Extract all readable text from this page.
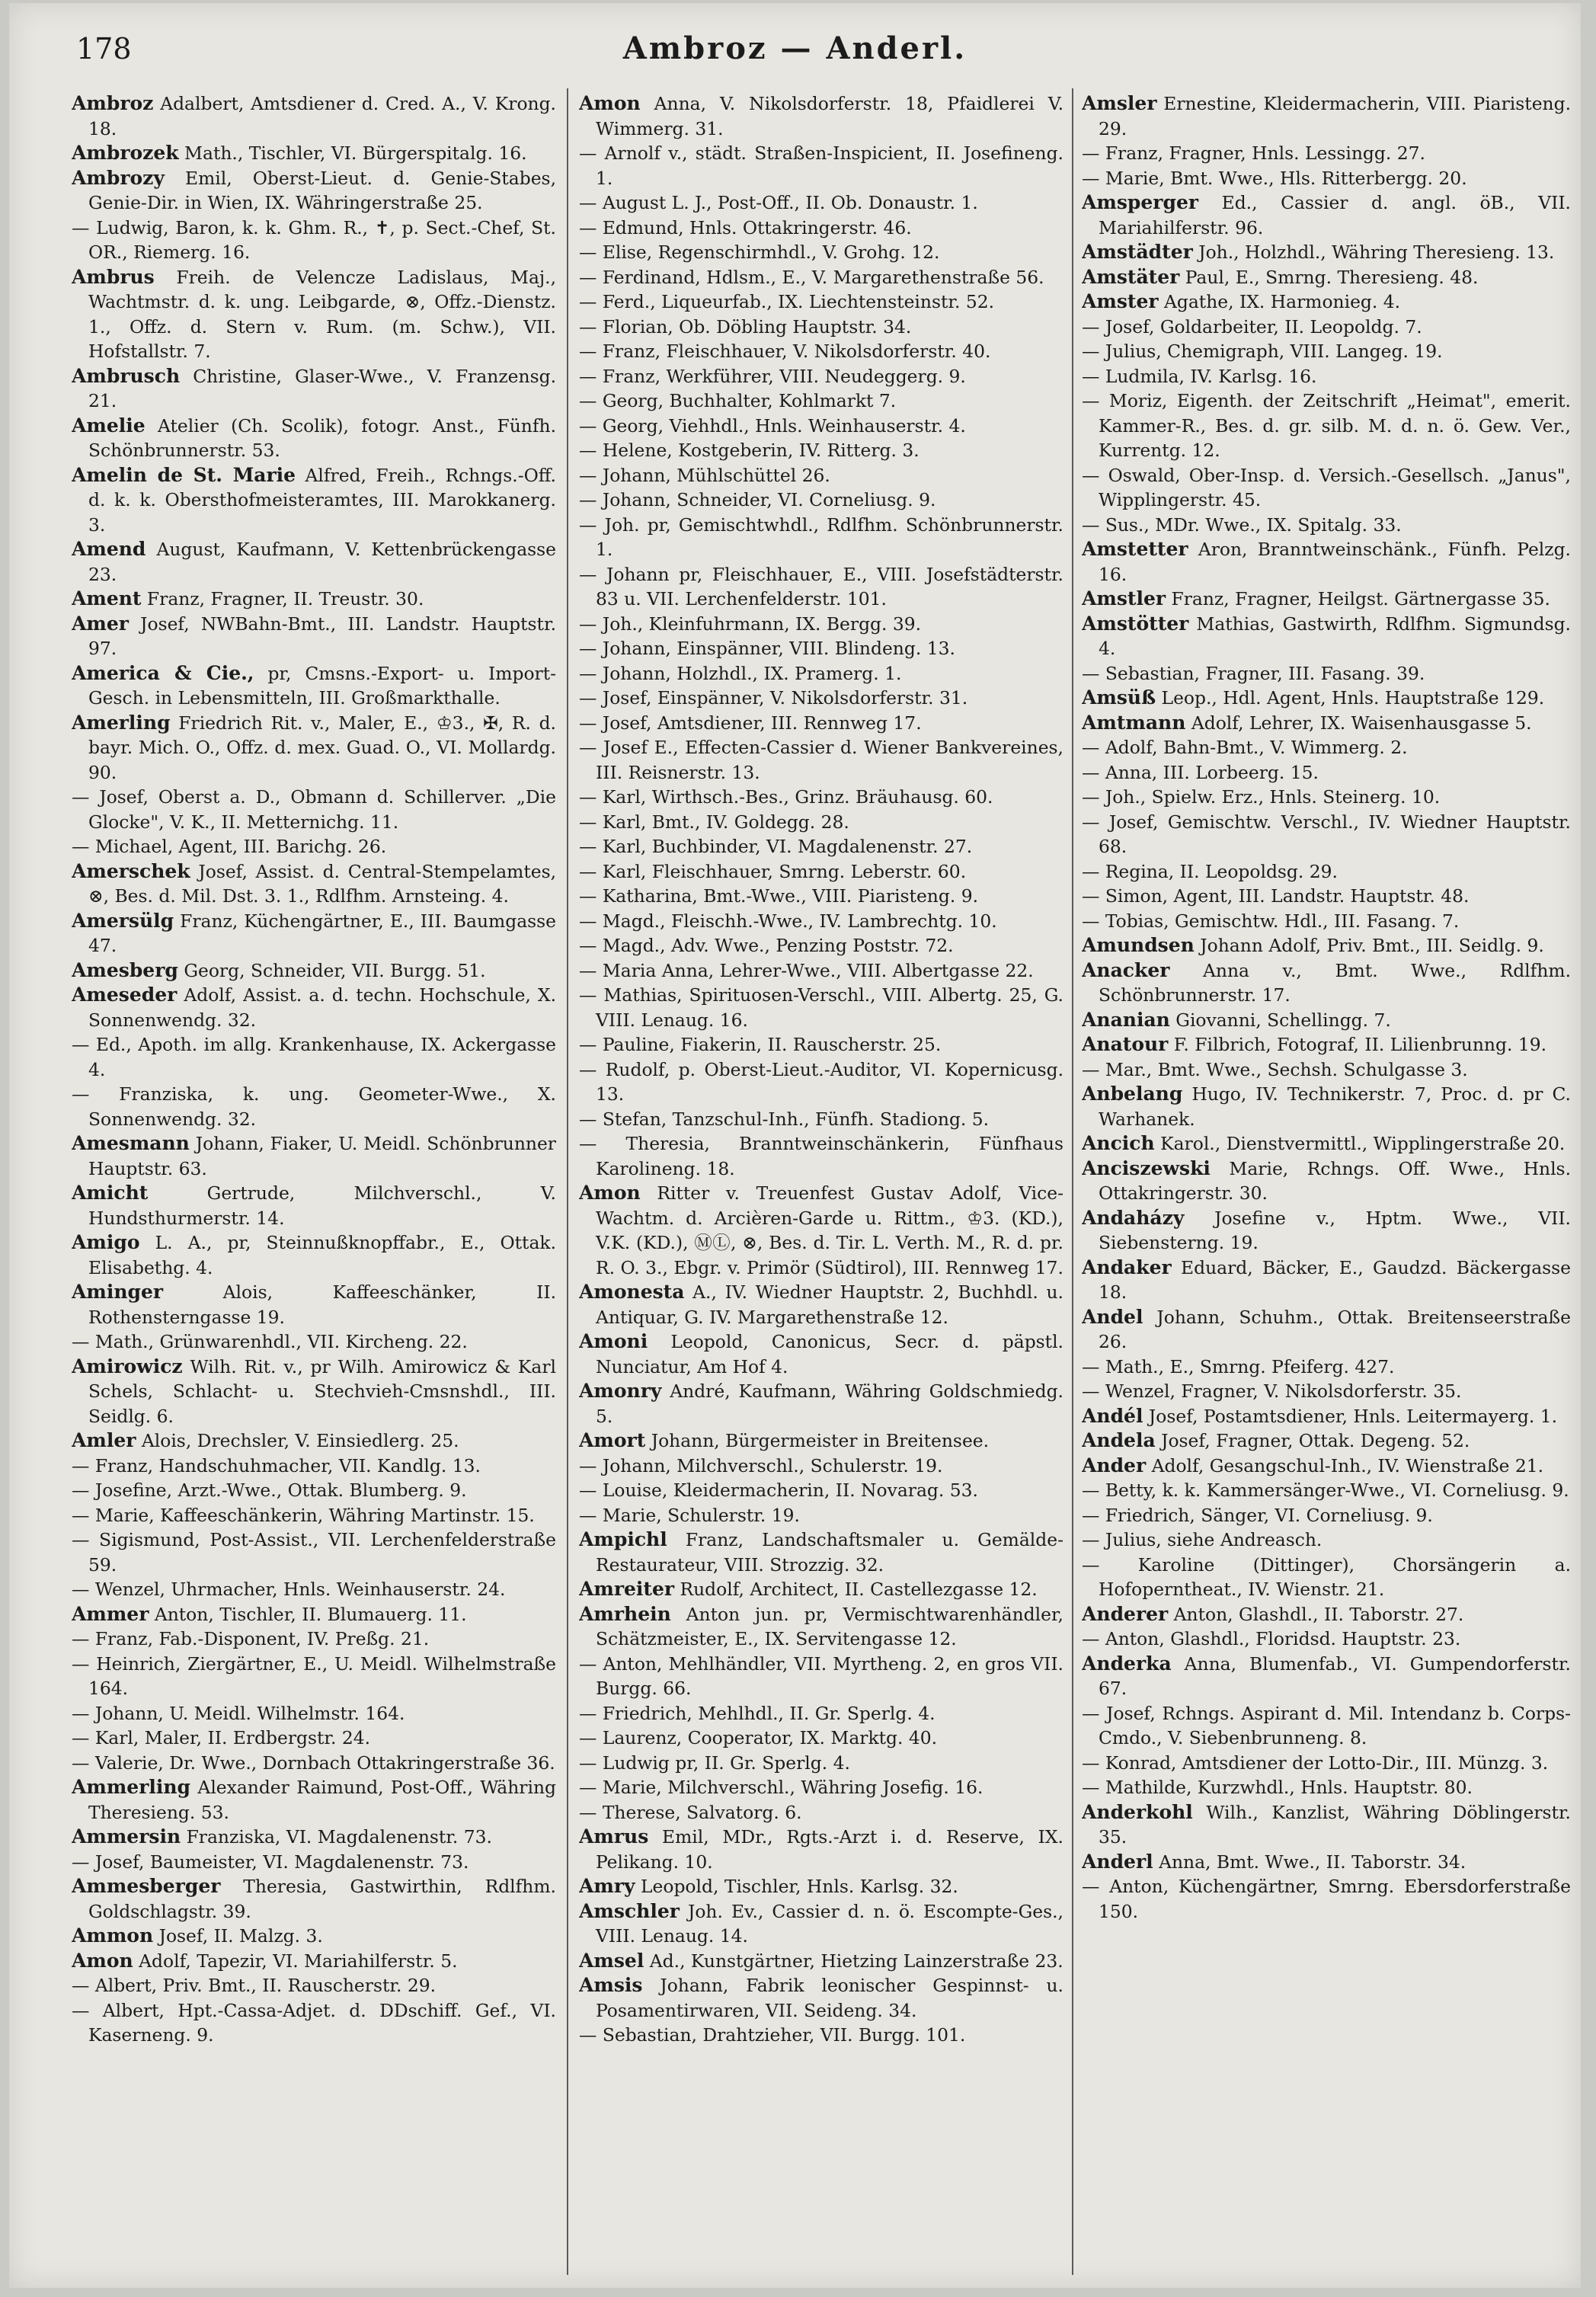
178	Ambroz — Anderl.

Ambroz Adalbert, Amtsdiener d. Cred. A., V. Krong. 18.

Ambrozek Math., Tischler, VI. Bürgerspitalg. 16.

Ambrozy Emil, Oberst-Lieut. d. Genie-Stabes, Genie-Dir. in Wien, IX. Währingerstraße 25.

— Ludwig, Baron, k. k. Ghm. R., ✝, p. Sect.-Chef, St. OR., Riemerg. 16.

Ambrus Freih. de Velencze Ladislaus, Maj., Wachtmstr. d. k. ung. Leibgarde, ⊗, Offz.-Dienstz. 1., Offz. d. Stern v. Rum. (m. Schw.), VII. Hofstallstr. 7.

Ambrusch Christine, Glaser-Wwe., V. Franzensg. 21.

Amelie Atelier (Ch. Scolik), fotogr. Anst., Fünfh. Schönbrunnerstr. 53.

Amelin de St. Marie Alfred, Freih., Rchngs.-Off. d. k. k. Obersthofmeisteramtes, III. Marokkanerg. 3.

Amend August, Kaufmann, V. Kettenbrückengasse 23.

Ament Franz, Fragner, II. Treustr. 30.

Amer Josef, NWBahn-Bmt., III. Landstr. Hauptstr. 97.

America & Cie., pr, Cmsns.-Export- u. Import-Gesch. in Lebensmitteln, III. Großmarkthalle.

Amerling Friedrich Rit. v., Maler, E., ♔3., ✠, R. d. bayr. Mich. O., Offz. d. mex. Guad. O., VI. Mollardg. 90.

— Josef, Oberst a. D., Obmann d. Schillerver. „Die Glocke", V. K., II. Metternichg. 11.

— Michael, Agent, III. Barichg. 26.

Amerschek Josef, Assist. d. Central-Stempelamtes, ⊗, Bes. d. Mil. Dst. 3. 1., Rdlfhm. Arnsteing. 4.

Amersülg Franz, Küchengärtner, E., III. Baumgasse 47.

Amesberg Georg, Schneider, VII. Burgg. 51.

Ameseder Adolf, Assist. a. d. techn. Hochschule, X. Sonnenwendg. 32.

— Ed., Apoth. im allg. Krankenhause, IX. Ackergasse 4.

— Franziska, k. ung. Geometer-Wwe., X. Sonnenwendg. 32.

Amesmann Johann, Fiaker, U. Meidl. Schönbrunner Hauptstr. 63.

Amicht	Gertrude, Milchverschl., V. Hundsthurmerstr. 14.

Amigo L. A., pr, Steinnußknopffabr., E., Ottak. Elisabethg. 4.

Aminger	Alois, Kaffeeschänker, II. Rothensterngasse 19.

— Math., Grünwarenhdl., VII. Kircheng. 22.

Amirowicz Wilh. Rit. v., pr Wilh. Amirowicz & Karl Schels, Schlacht- u. Stechvieh-Cmsnshdl., III. Seidlg. 6.

Amler Alois, Drechsler, V. Einsiedlerg. 25.

— Franz, Handschuhmacher, VII. Kandlg. 13.

— Josefine, Arzt.-Wwe., Ottak. Blumberg. 9.

— Marie, Kaffeeschänkerin, Währing Martinstr. 15.

— Sigismund, Post-Assist., VII. Lerchenfelderstraße 59.

— Wenzel, Uhrmacher, Hnls. Weinhauserstr. 24.

Ammer Anton, Tischler, II. Blumauerg. 11.

— Franz, Fab.-Disponent, IV. Preßg. 21.

— Heinrich, Ziergärtner, E., U. Meidl. Wilhelmstraße 164.

— Johann, U. Meidl. Wilhelmstr. 164.

— Karl, Maler, II. Erdbergstr. 24.

— Valerie, Dr. Wwe., Dornbach Ottakringerstraße 36.

Ammerling Alexander Raimund, Post-Off., Währing Theresieng. 53.

Ammersin Franziska, VI. Magdalenenstr. 73.

— Josef, Baumeister, VI. Magdalenenstr. 73.

Ammesberger Theresia, Gastwirthin, Rdlfhm. Goldschlagstr. 39.

Ammon Josef, II. Malzg. 3.

Amon Adolf, Tapezir, VI. Mariahilferstr. 5.

— Albert, Priv. Bmt., II. Rauscherstr. 29.

— Albert, Hpt.-Cassa-Adjet. d. DDschiff. Gef., VI. Kaserneng. 9.

Amon Anna, V. Nikolsdorferstr. 18, Pfaidlerei V. Wimmerg. 31.

— Arnolf v., städt. Straßen-Inspicient, II. Josefineng. 1.

— August L. J., Post-Off., II. Ob. Donaustr. 1.

— Edmund, Hnls. Ottakringerstr. 46.

— Elise, Regenschirmhdl., V. Grohg. 12.

— Ferdinand, Hdlsm., E., V. Margarethenstraße 56.

— Ferd., Liqueurfab., IX. Liechtensteinstr. 52.

— Florian, Ob. Döbling Hauptstr. 34.

— Franz, Fleischhauer, V. Nikolsdorferstr. 40.

— Franz, Werkführer, VIII. Neudeggerg. 9.

— Georg, Buchhalter, Kohlmarkt 7.

— Georg, Viehhdl., Hnls. Weinhauserstr. 4.

— Helene, Kostgeberin, IV. Ritterg. 3.

— Johann, Mühlschüttel 26.

— Johann, Schneider, VI. Corneliusg. 9.

— Joh. pr, Gemischtwhdl., Rdlfhm. Schönbrunnerstr. 1.

— Johann pr, Fleischhauer, E., VIII. Josefstädterstr. 83 u. VII. Lerchenfelderstr. 101.

— Joh., Kleinfuhrmann, IX. Bergg. 39.

— Johann, Einspänner, VIII. Blindeng. 13.

— Johann, Holzhdl., IX. Pramerg. 1.

— Josef, Einspänner, V. Nikolsdorferstr. 31.

— Josef, Amtsdiener, III. Rennweg 17.

— Josef E., Effecten-Cassier d. Wiener Bankvereines, III. Reisnerstr. 13.

— Karl, Wirthsch.-Bes., Grinz. Bräuhausg. 60.

— Karl, Bmt., IV. Goldegg. 28.

— Karl, Buchbinder, VI. Magdalenenstr. 27.

— Karl, Fleischhauer, Smrng. Leberstr. 60.

— Katharina, Bmt.-Wwe., VIII. Piaristeng. 9.

— Magd., Fleischh.-Wwe., IV. Lambrechtg. 10.

— Magd., Adv. Wwe., Penzing Poststr. 72.

— Maria Anna, Lehrer-Wwe., VIII. Albertgasse 22.

— Mathias, Spirituosen-Verschl., VIII. Albertg. 25, G. VIII. Lenaug. 16.

— Pauline, Fiakerin, II. Rauscherstr. 25.

— Rudolf, p. Oberst-Lieut.-Auditor, VI. Kopernicusg. 13.

— Stefan, Tanzschul-Inh., Fünfh. Stadiong. 5.

— Theresia, Branntweinschänkerin, Fünfhaus Karolineng. 18.

Amon Ritter v. Treuenfest Gustav Adolf, Vice-Wachtm. d. Arcièren-Garde u. Rittm., ♔3. (KD.), V.K. (KD.), ⓂⓁ, ⊗, Bes. d. Tir. L. Verth. M., R. d. pr. R. O. 3., Ebgr. v. Primör (Südtirol), III. Rennweg 17.

Amonesta A., IV. Wiedner Hauptstr. 2, Buchhdl. u. Antiquar, G. IV. Margarethenstraße 12.

Amoni Leopold, Canonicus, Secr. d. päpstl. Nunciatur, Am Hof 4.

Amonry André, Kaufmann, Währing Goldschmiedg. 5.

Amort Johann, Bürgermeister in Breitensee.

— Johann, Milchverschl., Schulerstr. 19.

— Louise, Kleidermacherin, II. Novarag. 53.

— Marie, Schulerstr. 19.

Ampichl Franz, Landschaftsmaler u. Gemälde-Restaurateur, VIII. Strozzig. 32.

Amreiter Rudolf, Architect, II. Castellezgasse 12.

Amrhein Anton jun. pr, Vermischtwarenhändler, Schätzmeister, E., IX. Servitengasse 12.

— Anton, Mehlhändler, VII. Myrtheng. 2, en gros VII. Burgg. 66.

— Friedrich, Mehlhdl., II. Gr. Sperlg. 4.

— Laurenz, Cooperator, IX. Marktg. 40.

— Ludwig pr, II. Gr. Sperlg. 4.

— Marie, Milchverschl., Währing Josefig. 16.

— Therese, Salvatorg. 6.

Amrus Emil, MDr., Rgts.-Arzt i. d. Reserve, IX. Pelikang. 10.

Amry Leopold, Tischler, Hnls. Karlsg. 32.

Amschler Joh. Ev., Cassier d. n. ö. Escompte-Ges., VIII. Lenaug. 14.

Amsel Ad., Kunstgärtner, Hietzing Lainzerstraße 23.

Amsis Johann, Fabrik leonischer Gespinnst- u. Posamentirwaren, VII. Seideng. 34.

— Sebastian, Drahtzieher, VII. Burgg. 101.

Amsler Ernestine, Kleidermacherin, VIII. Piaristeng. 29.

— Franz, Fragner, Hnls. Lessingg. 27.

— Marie, Bmt. Wwe., Hls. Ritterbergg. 20.

Amsperger Ed., Cassier d. angl. öB., VII. Mariahilferstr. 96.

Amstädter Joh., Holzhdl., Währing Theresieng. 13.

Amstäter Paul, E., Smrng. Theresieng. 48.

Amster Agathe, IX. Harmonieg. 4.

— Josef, Goldarbeiter, II. Leopoldg. 7.

— Julius, Chemigraph, VIII. Langeg. 19.

— Ludmila, IV. Karlsg. 16.

— Moriz, Eigenth. der Zeitschrift „Heimat", emerit. Kammer-R., Bes. d. gr. silb. M. d. n. ö. Gew. Ver., Kurrentg. 12.

— Oswald, Ober-Insp. d. Versich.-Gesellsch. „Janus", Wipplingerstr. 45.

— Sus., MDr. Wwe., IX. Spitalg. 33.

Amstetter Aron, Branntweinschänk., Fünfh. Pelzg. 16.

Amstler Franz, Fragner, Heilgst. Gärtnergasse 35.

Amstötter Mathias, Gastwirth, Rdlfhm. Sigmundsg. 4.

— Sebastian, Fragner, III. Fasang. 39.

Amsüß Leop., Hdl. Agent, Hnls. Hauptstraße 129.

Amtmann Adolf, Lehrer, IX. Waisenhausgasse 5.

— Adolf, Bahn-Bmt., V. Wimmerg. 2.

— Anna, III. Lorbeerg. 15.

— Joh., Spielw. Erz., Hnls. Steinerg. 10.

— Josef, Gemischtw. Verschl., IV. Wiedner Hauptstr. 68.

— Regina, II. Leopoldsg. 29.

— Simon, Agent, III. Landstr. Hauptstr. 48.

— Tobias, Gemischtw. Hdl., III. Fasang. 7.

Amundsen Johann Adolf, Priv. Bmt., III. Seidlg. 9.

Anacker Anna v., Bmt. Wwe., Rdlfhm. Schönbrunnerstr. 17.

Ananian Giovanni, Schellingg. 7.

Anatour F. Filbrich, Fotograf, II. Lilienbrunng. 19.

— Mar., Bmt. Wwe., Sechsh. Schulgasse 3.

Anbelang Hugo, IV. Technikerstr. 7, Proc. d. pr C. Warhanek.

Ancich Karol., Dienstvermittl., Wipplingerstraße 20.

Anciszewski Marie, Rchngs. Off. Wwe., Hnls. Ottakringerstr. 30.

Andaházy Josefine v., Hptm. Wwe., VII. Siebensterng. 19.

Andaker Eduard, Bäcker, E., Gaudzd. Bäckergasse 18.

Andel Johann, Schuhm., Ottak. Breitenseerstraße 26.

— Math., E., Smrng. Pfeiferg. 427.

— Wenzel, Fragner, V. Nikolsdorferstr. 35.

Andél Josef, Postamtsdiener, Hnls. Leitermayerg. 1.

Andela Josef, Fragner, Ottak. Degeng. 52.

Ander Adolf, Gesangschul-Inh., IV. Wienstraße 21.

— Betty, k. k. Kammersänger-Wwe., VI. Corneliusg. 9.

— Friedrich, Sänger, VI. Corneliusg. 9.

— Julius, siehe Andreasch.

— Karoline (Dittinger), Chorsängerin a. Hofoperntheat., IV. Wienstr. 21.

Anderer Anton, Glashdl., II. Taborstr. 27.

— Anton, Glashdl., Floridsd. Hauptstr. 23.

Anderka Anna, Blumenfab., VI. Gumpendorferstr. 67.

— Josef, Rchngs. Aspirant d. Mil. Intendanz b. Corps-Cmdo., V. Siebenbrunneng. 8.

— Konrad, Amtsdiener der Lotto-Dir., III. Münzg. 3.

— Mathilde, Kurzwhdl., Hnls. Hauptstr. 80.

Anderkohl Wilh., Kanzlist, Währing Döblingerstr. 35.

Anderl Anna, Bmt. Wwe., II. Taborstr. 34.

— Anton, Küchengärtner, Smrng. Ebersdorferstraße 150.
